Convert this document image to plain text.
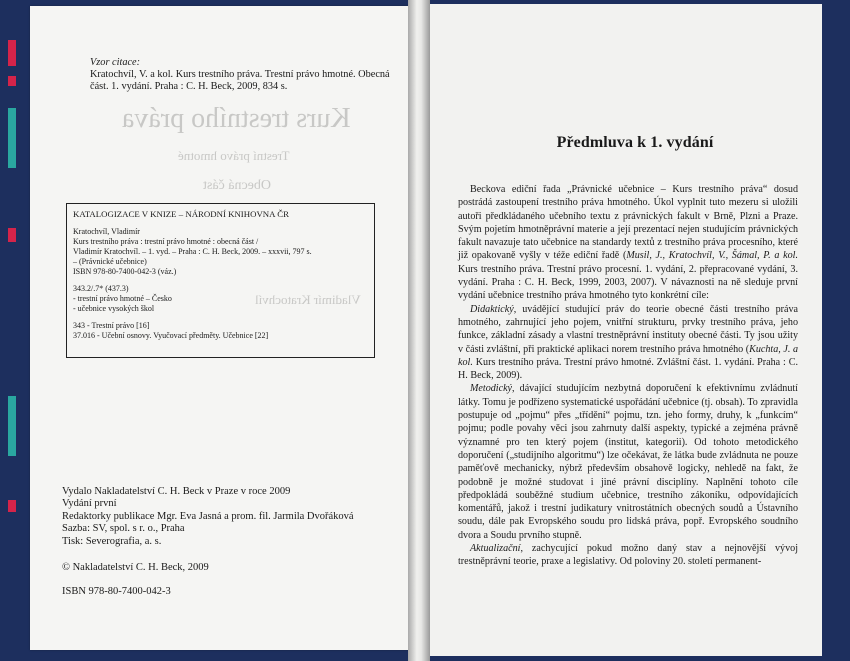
Kurs trestního práva
Trestní právo hmotné
Obecná část
Vladimír Kratochvíl
Vzor citace:
Kratochvíl, V. a kol. Kurs trestního práva. Trestní právo hmotné. Obecná
část. 1. vydání. Praha : C. H. Beck, 2009, 834 s.
KATALOGIZACE V KNIZE – NÁRODNÍ KNIHOVNA ČR
Kratochvíl, Vladimír
Kurs trestního práva : trestní právo hmotné : obecná část /
Vladimír Kratochvíl. – 1. vyd. – Praha : C. H. Beck, 2009. – xxxvii, 797 s.
– (Právnické učebnice)
ISBN 978-80-7400-042-3 (váz.)
343.2/.7* (437.3)
- trestní právo hmotné – Česko
- učebnice vysokých škol
343 - Trestní právo [16]
37.016 - Učební osnovy. Vyučovací předměty. Učebnice [22]
Vydalo Nakladatelství C. H. Beck v Praze v roce 2009
Vydání první
Redaktorky publikace Mgr. Eva Jasná a prom. fil. Jarmila Dvořáková
Sazba: SV, spol. s r. o., Praha
Tisk: Severografia, a. s.
© Nakladatelství C. H. Beck, 2009
ISBN 978-80-7400-042-3
Předmluva k 1. vydání

Beckova ediční řada „Právnické učebnice – Kurs trestního práva“ dosud postrádá zastoupení trestního práva hmotného. Úkol vyplnit tuto mezeru si uložili autoři předkládaného učebního textu z právnických fakult v Brně, Plzni a Praze. Svým pojetím hmotněprávní materie a její prezentací nejen studujícím právnických fakult navazuje tato učebnice na standardy textů z trestního práva procesního, které již opakovaně vyšly v téže ediční řadě (Musil, J., Kratochvíl, V., Šámal, P. a kol. Kurs trestního práva. Trestní právo procesní. 1. vydání, 2. přepracované vydání, 3. vydání. Praha : C. H. Beck, 1999, 2003, 2007). V návaznosti na ně sleduje první vydání učebnice trestního práva hmotného tyto konkrétní cíle:

Didaktický, uvádějící studující práv do teorie obecné části trestního práva hmotného, zahrnující jeho pojem, vnitřní strukturu, prvky trestního práva, jeho funkce, základní zásady a vlastní trestněprávní instituty obecné části. Ty jsou užity v části zvláštní, při praktické aplikaci norem trestního práva hmotného (Kuchta, J. a kol. Kurs trestního práva. Trestní právo hmotné. Zvláštní část. 1. vydání. Praha : C. H. Beck, 2009).

Metodický, dávající studujícím nezbytná doporučení k efektivnímu zvládnutí látky. Tomu je podřízeno systematické uspořádání učebnice (tj. obsah). To zpravidla postupuje od „pojmu“ přes „třídění“ pojmu, tzn. jeho formy, druhy, k „funkcím“ pojmu; podle povahy věci jsou zahrnuty další aspekty, typické a zejména právně významné pro ten který pojem (institut, kategorii). Od tohoto metodického doporučení („studijního algoritmu“) lze očekávat, že látka bude zvládnuta ne pouze paměťově mechanicky, nýbrž především obsahově logicky, nehledě na fakt, že podobně je možné studovat i jiné právní disciplíny. Naplnění tohoto cíle předpokládá souběžné studium učebnice, trestního zákoníku, odpovídajících komentářů, jakož i trestní judikatury vnitrostátních obecných soudů a Ústavního soudu, dále pak Evropského soudu pro lidská práva, popř. Evropského soudního dvora a Soudu prvního stupně.

Aktualizační, zachycující pokud možno daný stav a nejnovější vývoj trestněprávní teorie, praxe a legislativy. Od poloviny 20. století permanent-
